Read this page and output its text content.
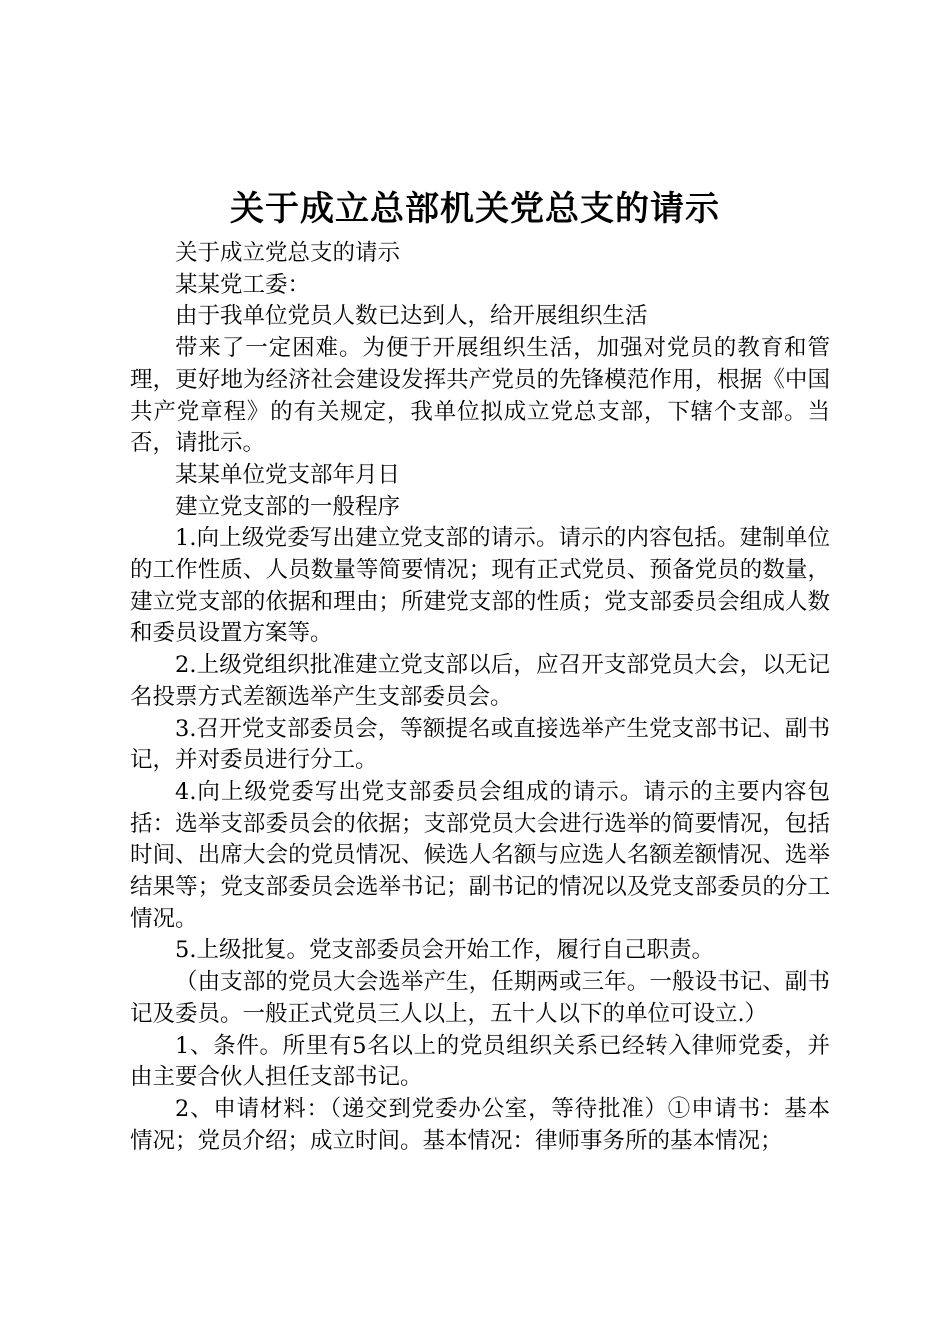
关于成立总部机关党总支的请示

关于成立党总支的请示

某某党工委：

由于我单位党员人数已达到人，给开展组织生活

带来了一定困难。为便于开展组织生活，加强对党员的教育和管理，更好地为经济社会建设发挥共产党员的先锋模范作用，根据《中国共产党章程》的有关规定，我单位拟成立党总支部，下辖个支部。当否，请批示。

某某单位党支部年月日

建立党支部的一般程序

1.向上级党委写出建立党支部的请示。请示的内容包括。建制单位的工作性质、人员数量等简要情况；现有正式党员、预备党员的数量，建立党支部的依据和理由；所建党支部的性质；党支部委员会组成人数和委员设置方案等。

2.上级党组织批准建立党支部以后，应召开支部党员大会，以无记名投票方式差额选举产生支部委员会。

3.召开党支部委员会，等额提名或直接选举产生党支部书记、副书记，并对委员进行分工。

4.向上级党委写出党支部委员会组成的请示。请示的主要内容包括：选举支部委员会的依据；支部党员大会进行选举的简要情况，包括时间、出席大会的党员情况、候选人名额与应选人名额差额情况、选举结果等；党支部委员会选举书记；副书记的情况以及党支部委员的分工情况。

5.上级批复。党支部委员会开始工作，履行自己职责。

（由支部的党员大会选举产生，任期两或三年。一般设书记、副书记及委员。一般正式党员三人以上，五十人以下的单位可设立.）

1、条件。所里有5名以上的党员组织关系已经转入律师党委，并由主要合伙人担任支部书记。

2、申请材料：（递交到党委办公室，等待批准）①申请书：基本情况；党员介绍；成立时间。基本情况：律师事务所的基本情况；
